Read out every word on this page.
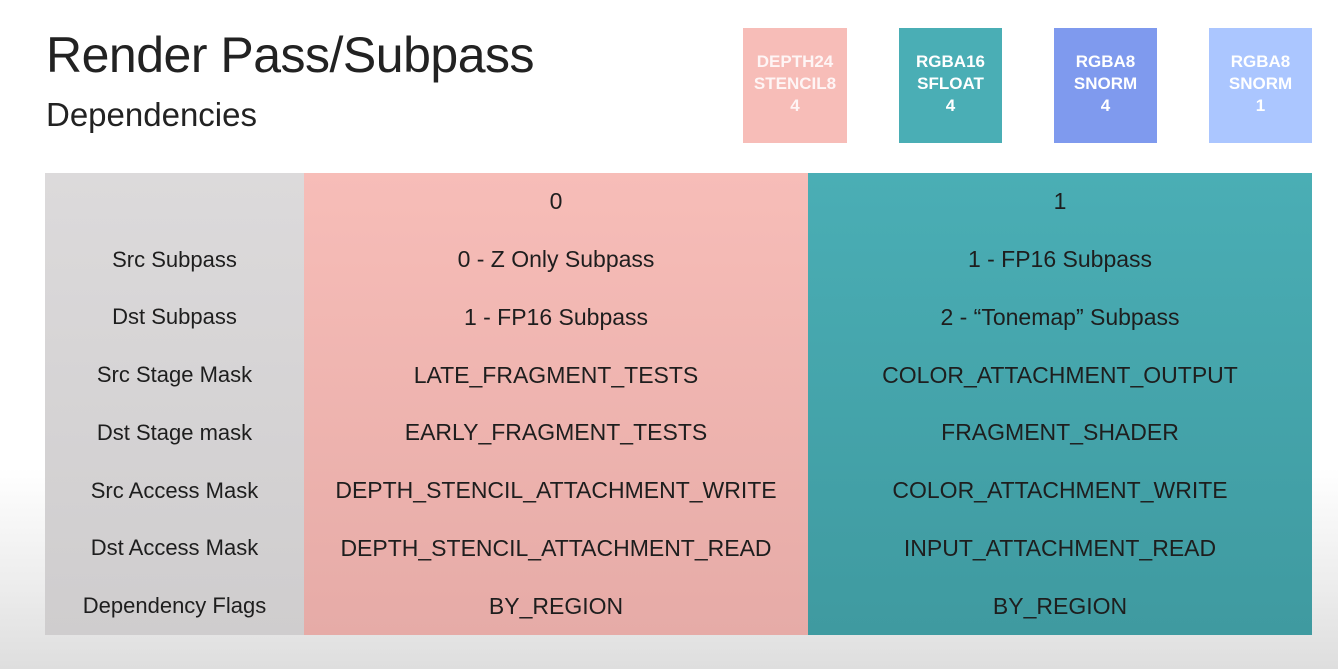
Render Pass/Subpass
Dependencies
DEPTH24
STENCIL8
4
RGBA16
SFLOAT
4
RGBA8
SNORM
4
RGBA8
SNORM
1
Src Subpass
Dst Subpass
Src Stage Mask
Dst Stage mask
Src Access Mask
Dst Access Mask
Dependency Flags
0
0 - Z Only Subpass
1 - FP16 Subpass
LATE_FRAGMENT_TESTS
EARLY_FRAGMENT_TESTS
DEPTH_STENCIL_ATTACHMENT_WRITE
DEPTH_STENCIL_ATTACHMENT_READ
BY_REGION
1
1 - FP16 Subpass
2 - “Tonemap” Subpass
COLOR_ATTACHMENT_OUTPUT
FRAGMENT_SHADER
COLOR_ATTACHMENT_WRITE
INPUT_ATTACHMENT_READ
BY_REGION
